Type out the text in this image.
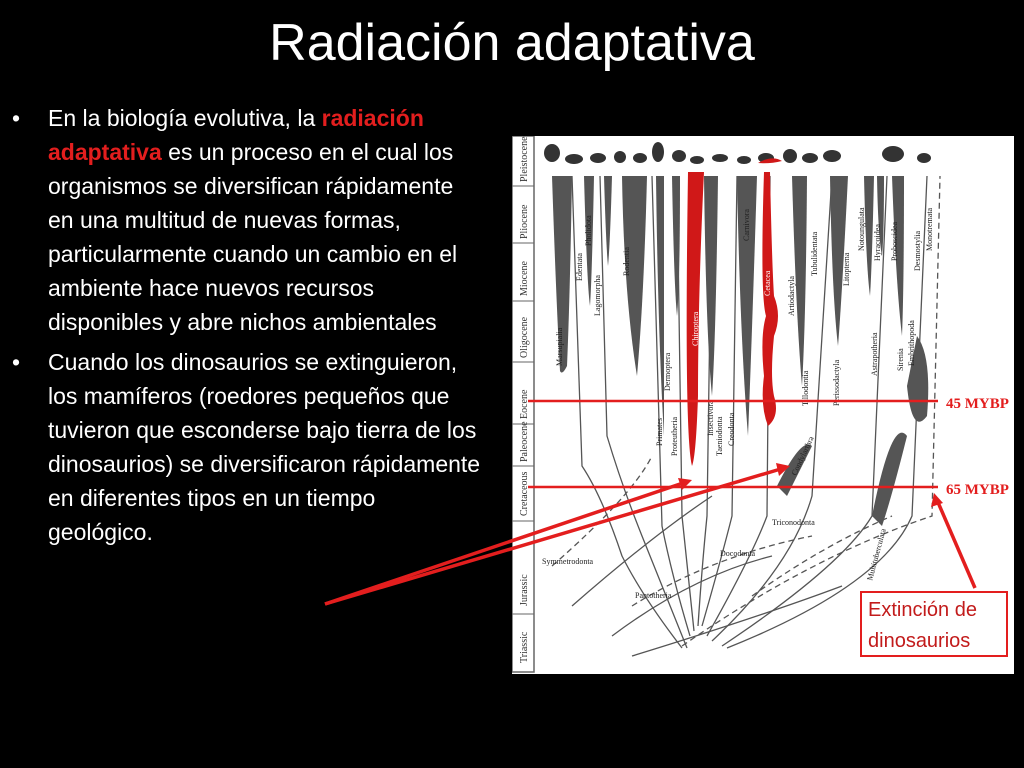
Radiación adaptativa
• En la biología evolutiva, la radiación adaptativa es un proceso en el cual los organismos se diversifican rápidamente en una multitud de nuevas formas, particularmente cuando un cambio en el ambiente hace nuevos recursos disponibles y abre nichos ambientales
• Cuando los dinosaurios se extinguieron, los mamíferos (roedores pequeños que tuvieron que esconderse bajo tierra de los dinosaurios) se diversificaron rápidamente en diferentes tipos en un tiempo geológico.
Triassic
Jurassic
Cretaceous
Paleocene
Eocene
Oligocene
Miocene
Pliocene
Pleistocene
Marsupialia
Edentata
Pholidota
Lagomorpha
Rodentia
Primates
Dermoptera
Proteutheria
Chiroptera
Insectivora Taeniodonta Creodonta
Carnivora
Cetacea Artiodactyla
Tillodontia
Tubulidentata
Perissodactyla
Condylarthra
Litopterna
Astrapotheria
Notoungulata Hyracoidea Proboscidea
Sirenia Embrithopoda
Desmostylia Monotremata
Multituberculata
Symmetrodonta
Pantotheria
Docodonta
Triconodonta
45 MYBP
65 MYBP
Extinción de
dinosaurios
